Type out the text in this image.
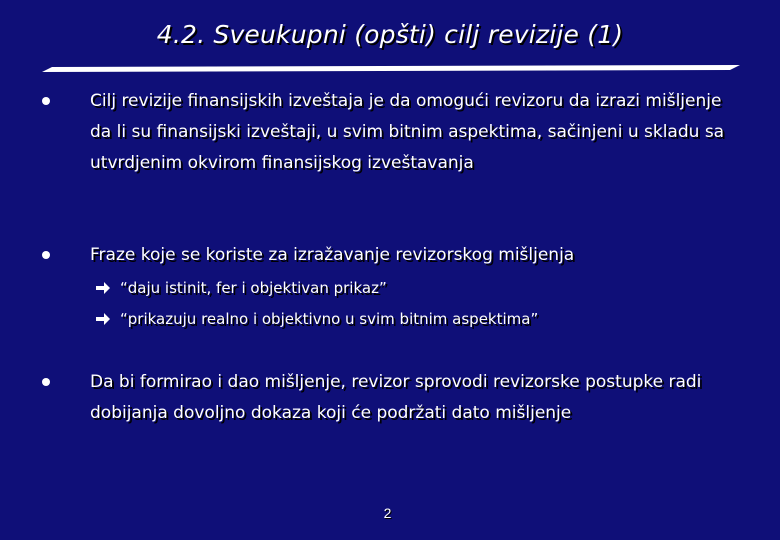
4.2. Sveukupni (opšti) cilj revizije (1)
Cilj revizije finansijskih izveštaja je da omogući revizoru da izrazi mišljenje da li su finansijski izveštaji, u svim bitnim aspektima, sačinjeni u skladu sa utvrdjenim okvirom finansijskog izveštavanja
Fraze koje se koriste za izražavanje revizorskog mišljenja
“daju istinit, fer i objektivan prikaz”
“prikazuju realno i objektivno u svim bitnim aspektima”
Da bi formirao i dao mišljenje, revizor sprovodi revizorske postupke radi dobijanja dovoljno dokaza koji će podržati dato mišljenje
2
